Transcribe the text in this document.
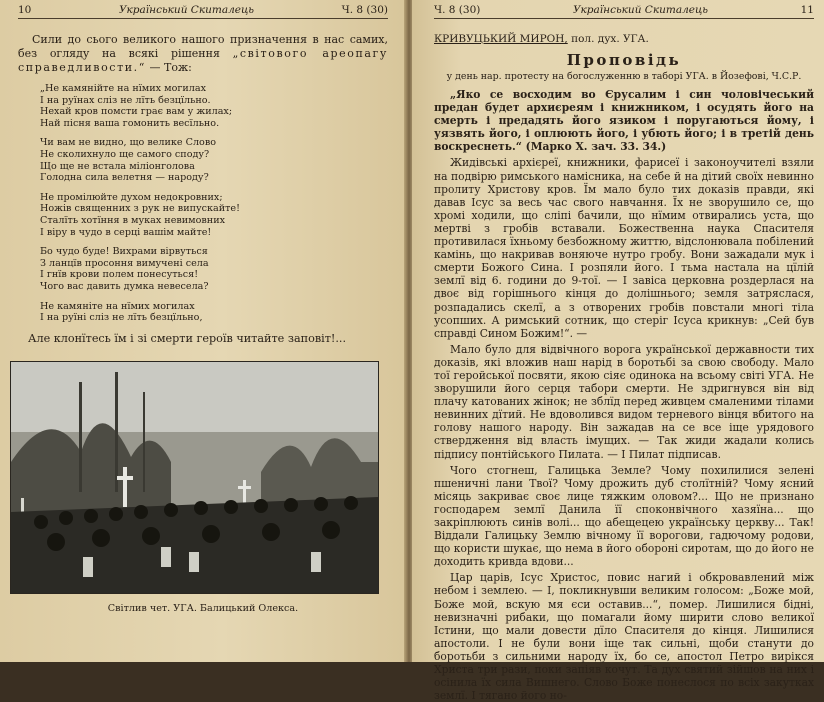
10	Український Скиталець	Ч. 8 (30)

Сили до сього великого нашого призначення в нас самих, без огляду на всякі рішення „світового ареопагу справедливости.“ — Тож:

„Не камянійте на нїмих могилах
І на руїнах сліз не лїть безцїльно.
Нехай кров помсти грає вам у жилах;
Най пісня ваша гомонить весїльно.
Чи вам не видно, що велике Слово
Не сколихнуло ще самого споду?
Що ще не встала міліонголова
Голодна сила велетня — народу?
Не промілюйте духом недокровних;
Ножів священних з рук не випускайте!
Сталїть хотїння в муках невимовних
І віру в чудо в серці вашім майте!
Бо чудо буде! Вихрами вірвуться
З ланцїв просоння вимучені села
І гнїв крови полем понесуться!
Чого вас давить думка невесела?
Не камяніте на нїмих могилах
І на руїні сліз не лїть безцїльно,
Але клонїтесь їм і зі смерти героїв читайте заповіт!...
Світлив чет. УГА. Балицький Олекса.
Ч. 8 (30)	Український Скиталець	11
КРИВУЦЬКИЙ МИРОН, пол. дух. УГА.
Проповідь
у день нар. протесту на богослуженню в таборі УГА. в Йозефові, Ч.С.Р.

„Яко се восходим во Єрусалим і син чоловічеський предан будет архиєреям і книжником, і осудять його на смерть і предадять його язиком і поругаються йому, і уязвять його, і оплюють його, і убють його; і в третій день воскреснеть.“ (Марко Х. зач. 33. 34.)

Жидівські архієреї, книжники, фарисеї і законоучителі взяли на подвірю римського намісника, на себе й на дітий своїх невинно пролиту Христову кров. Їм мало було тих доказів правди, які давав Ісус за весь час свого навчання. Їх не зворушило се, що хромі ходили, що сліпі бачили, що нїмим отвирались уста, що мертві з гробів вставали. Божественна наука Спасителя противилася їхньому безбожному життю, відслонювала побілений камінь, що накривав воняюче нутро гробу. Вони зажадали мук і смерти Божого Сина. І розпяли його. І тьма настала на цїлій землї від 6. години до 9-тої. — І завіса церковна роздерлася на двоє від горішнього кінця до долішнього; земля затряслася, розпадались скелї, а з отворених гробів повстали многі тіла усопших. А римський сотник, що стеріг Ісуса крикнув: „Сей був справді Сином Божим!“. —

Мало було для відвічного ворога української державности тих доказів, які вложив наш нарід в боротьбі за свою свободу. Мало тої геройської посвяти, якою сіяє одинока на всьому світі УГА. Не зворушили його серця табори смерти. Не здригнувся він від плачу катованих жінок; не зблїд перед живцем смаленими тілами невинних дїтий. Не вдоволився видом терневого вінця вбитого на голову нашого народу. Він зажадав на се все іще урядового ствердження від власть імущих. — Так жиди жадали колись підпису понтійського Пилата. — І Пилат підписав.

Чого стогнеш, Галицька Земле? Чому похилилися зелені пшеничні лани Твої? Чому дрожить дуб столїтній? Чому ясний місяць закриває своє лице тяжким оловом?... Що не признано господарем землї Данила її споконвічного хазяїна... що закріплюють синів волі... що абещецею українську церкву... Так! Віддали Галицьку Землю вічному її ворогови, гадючому родови, що користи шукає, що нема в його обороні сиротам, що до його не доходить кривда вдови...

Цар царів, Ісус Христос, повис нагий і обкровавлений між небом і землею. — І, покликнувши великим голосом: „Боже мой, Боже мой, вскую мя єси оставив...“, помер. Лишилися бідні, невизначні рибаки, що помагали йому ширити слово великої Істини, що мали довести дїло Спасителя до кінця. Лишилися апостоли. І не були вони іще так сильні, щоби станути до боротьби з сильними народу їх, бо се, апостол Петро вирікся Христа три рази, поки запіяв кочут. Та дух святий зійшов на них і осінила їх сила Вишнего. Слово Боже понеслося по всіх закутках землї. І тягано його но-
